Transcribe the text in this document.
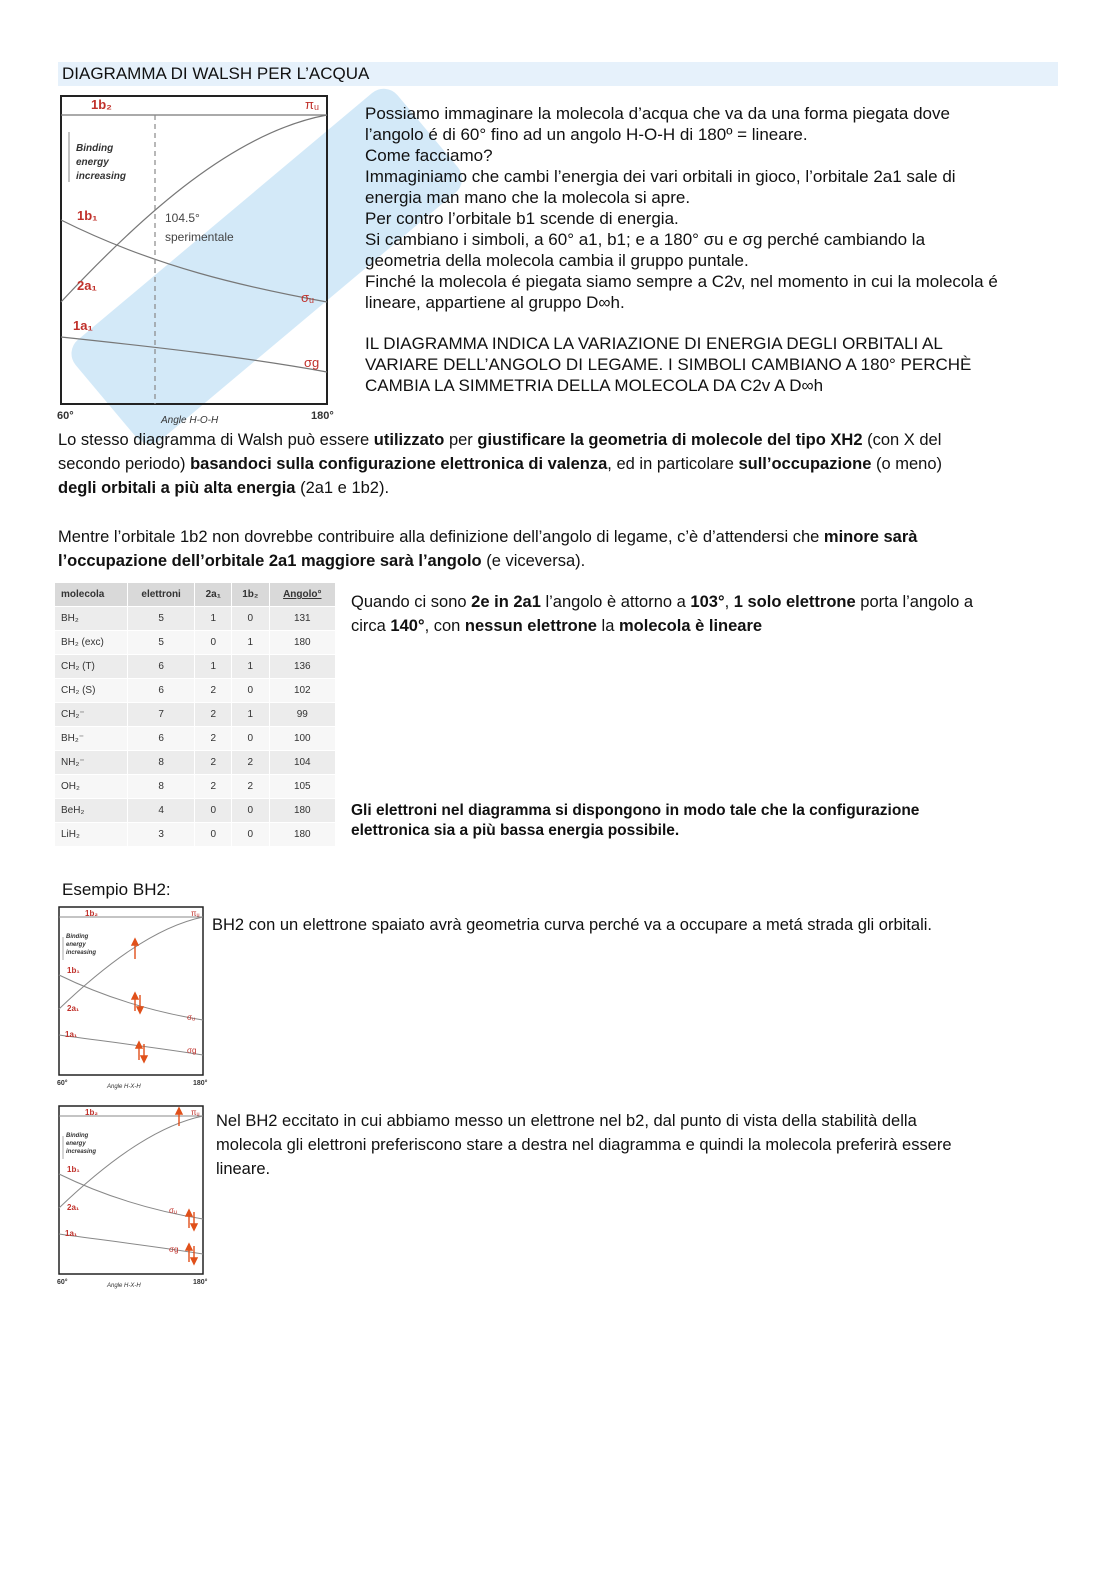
DIAGRAMMA DI WALSH PER L’ACQUA
1b₂	πᵤ
1b₁
2a₁
1a₁
σᵤ
σg
Binding
energy
increasing
104.5°
sperimentale
60°	Angle H-O-H	180°

Possiamo immaginare la molecola d’acqua che va da una forma piegata dove

l’angolo é di 60° fino ad un angolo H-O-H di 180º = lineare.

Come facciamo?

Immaginiamo che cambi l’energia dei vari orbitali in gioco, l’orbitale 2a1 sale di

energia man mano che la molecola si apre.

Per contro l’orbitale b1 scende di energia.

Si cambiano i simboli, a 60° a1, b1; e a 180° σu e σg perché cambiando la

geometria della molecola cambia il gruppo puntale.

Finché la molecola é piegata siamo sempre a C2v, nel momento in cui la molecola é

lineare, appartiene al gruppo D∞h.

IL DIAGRAMMA INDICA LA VARIAZIONE DI ENERGIA DEGLI ORBITALI AL

VARIARE DELL’ANGOLO DI LEGAME. I SIMBOLI CAMBIANO A 180° PERCHÈ

CAMBIA LA SIMMETRIA DELLA MOLECOLA DA C2v A D∞h

Lo stesso diagramma di Walsh può essere utilizzato per giustificare la geometria di molecole del tipo XH2 (con X del
secondo periodo) basandoci sulla configurazione elettronica di valenza, ed in particolare sull’occupazione (o meno)
degli orbitali a più alta energia (2a1 e 1b2).
Mentre l’orbitale 1b2 non dovrebbe contribuire alla definizione dell’angolo di legame, c’è d’attendersi che minore sarà
l’occupazione dell’orbitale 2a1 maggiore sarà l’angolo (e viceversa).
molecola	elettroni	2a₁	1b₂	Angolo°
BH₂	5	1	0	131
BH₂ (exc)	5	0	1	180
CH₂ (T)	6	1	1	136
CH₂ (S)	6	2	0	102
CH₂⁻	7	2	1	99
BH₂⁻	6	2	0	100
NH₂⁻	8	2	2	104
OH₂	8	2	2	105
BeH₂	4	0	0	180
LiH₂	3	0	0	180
Quando ci sono 2e in 2a1 l’angolo è attorno a 103°, 1 solo elettrone porta l’angolo a
circa 140°, con nessun elettrone la molecola è lineare
Gli elettroni nel diagramma si dispongono in modo tale che la configurazione
elettronica sia a più bassa energia possibile.
Esempio BH2:
1b₂	πᵤ
1b₁
2a₁
1a₁
σᵤ
σg
Binding
energy
increasing
60°	Angle H-X-H	180°
BH2 con un elettrone spaiato avrà geometria curva perché va a occupare a metá strada gli orbitali.
1b₂	πᵤ
1b₁
2a₁
1a₁
σᵤ
σg
Binding
energy
increasing
60°	Angle H-X-H	180°
Nel BH2 eccitato in cui abbiamo messo un elettrone nel b2, dal punto di vista della stabilità della
molecola gli elettroni preferiscono stare a destra nel diagramma e quindi la molecola preferirà essere
lineare.
